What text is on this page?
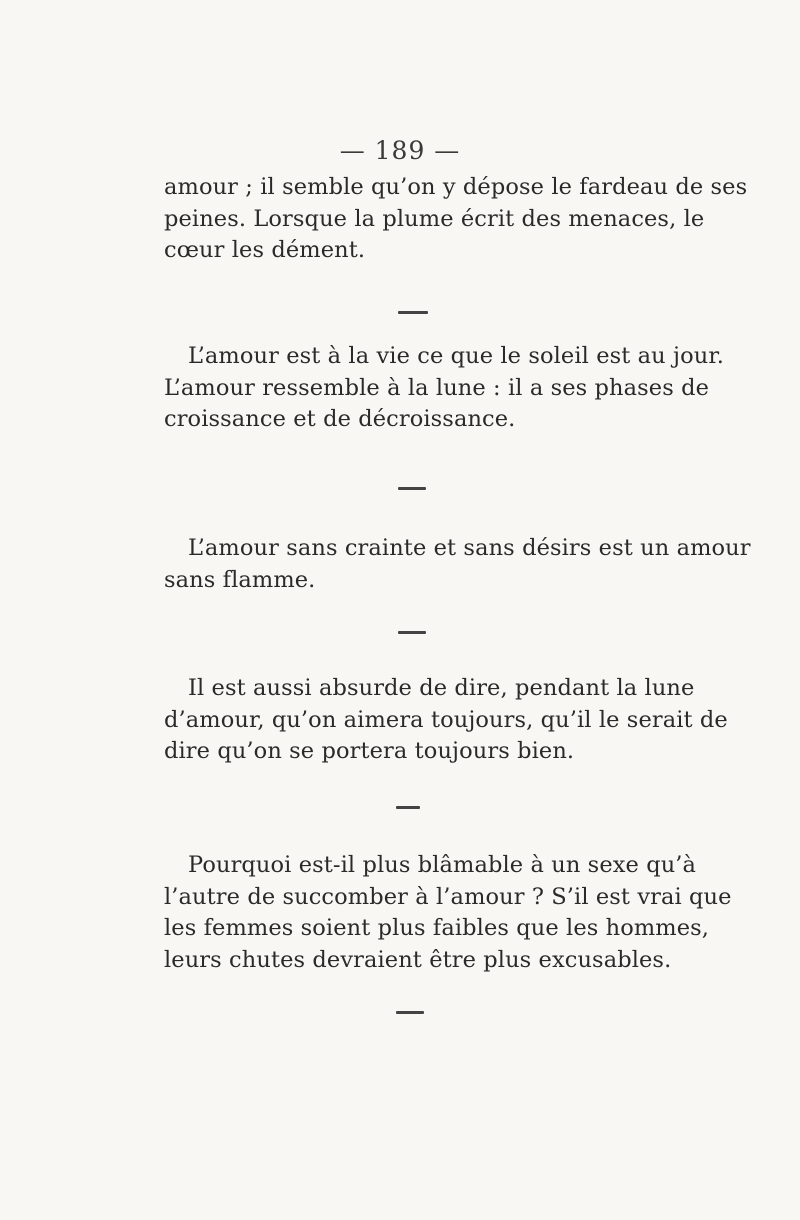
— 189 —

amour ; il semble qu’on y dépose le fardeau de ses
peines. Lorsque la plume écrit des menaces, le
cœur les dément.

L’amour est à la vie ce que le soleil est au jour.
L’amour ressemble à la lune : il a ses phases de
croissance et de décroissance.

L’amour sans crainte et sans désirs est un amour
sans flamme.

Il est aussi absurde de dire, pendant la lune
d’amour, qu’on aimera toujours, qu’il le serait de
dire qu’on se portera toujours bien.

Pourquoi est-il plus blâmable à un sexe qu’à
l’autre de succomber à l’amour ? S’il est vrai que
les femmes soient plus faibles que les hommes,
leurs chutes devraient être plus excusables.
